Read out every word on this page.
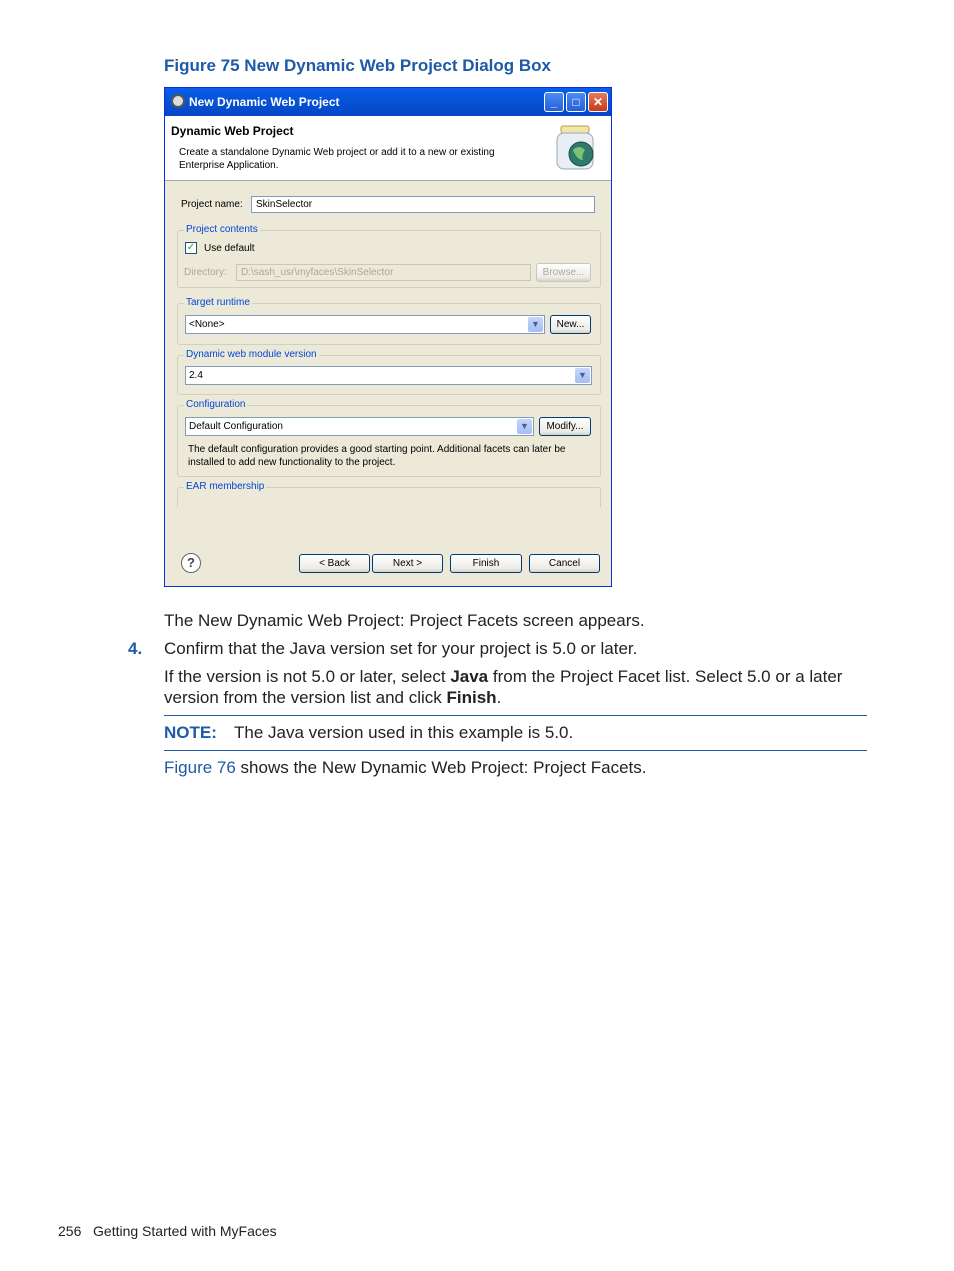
Figure 75 New Dynamic Web Project Dialog Box
New Dynamic Web Project	_	□	✕
Dynamic Web Project
Create a standalone Dynamic Web project or add it to a new or existing Enterprise Application.
Project name:	SkinSelector
Project contents
✓ Use default
Directory:	D:\sash_usr\myfaces\SkinSelector	Browse...
Target runtime
<None>	▼	New...
Dynamic web module version
2.4	▼
Configuration
Default Configuration	▼	Modify...
The default configuration provides a good starting point. Additional facets can later be installed to add new functionality to the project.
EAR membership
?	< Back	Next >	Finish	Cancel
The New Dynamic Web Project: Project Facets screen appears.
4. Confirm that the Java version set for your project is 5.0 or later.
If the version is not 5.0 or later, select Java from the Project Facet list. Select 5.0 or a later
version from the version list and click Finish.
NOTE: The Java version used in this example is 5.0.
Figure 76 shows the New Dynamic Web Project: Project Facets.
256 Getting Started with MyFaces
